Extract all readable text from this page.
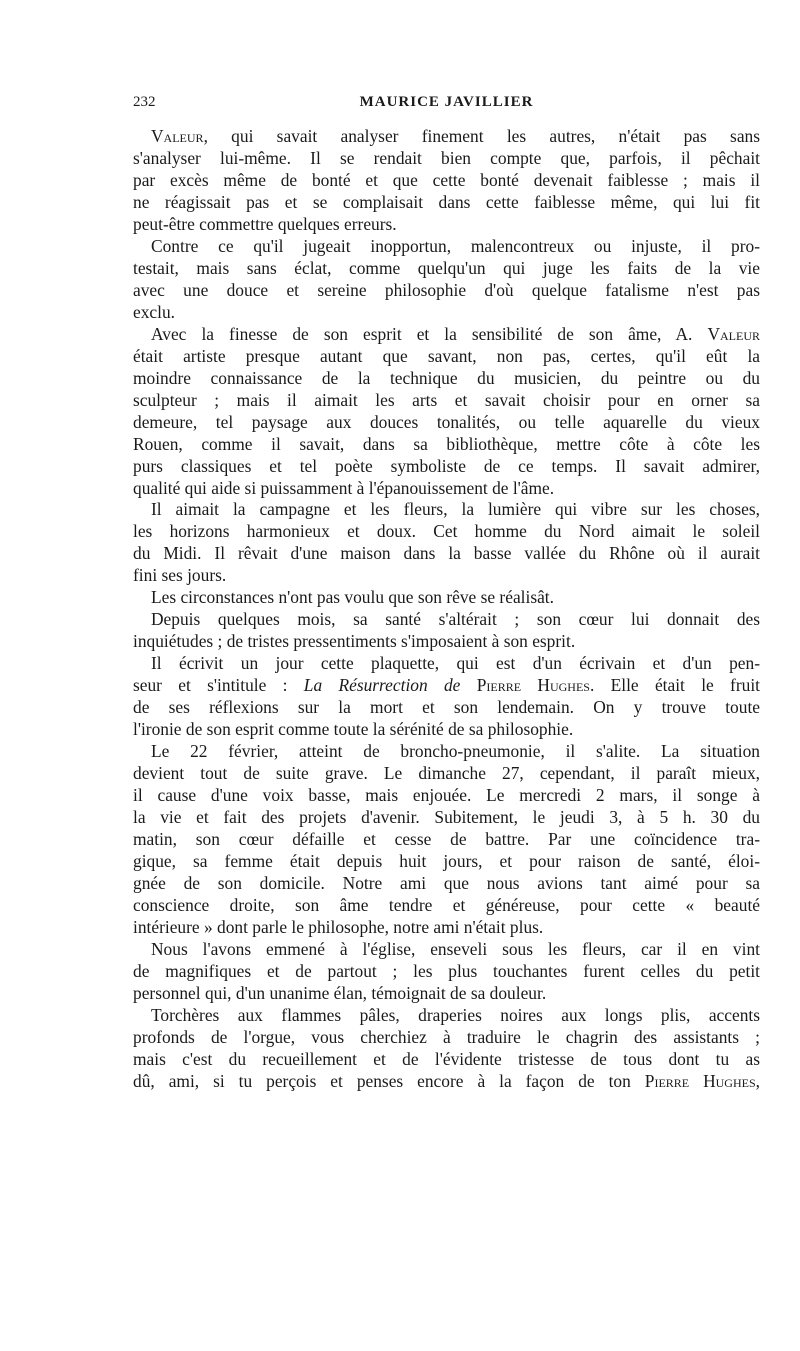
232	MAURICE JAVILLIER
Valeur, qui savait analyser finement les autres, n'était pas sans
s'analyser lui-même. Il se rendait bien compte que, parfois, il pêchait
par excès même de bonté et que cette bonté devenait faiblesse ; mais il
ne réagissait pas et se complaisait dans cette faiblesse même, qui lui fit
peut-être commettre quelques erreurs.
Contre ce qu'il jugeait inopportun, malencontreux ou injuste, il pro-
testait, mais sans éclat, comme quelqu'un qui juge les faits de la vie
avec une douce et sereine philosophie d'où quelque fatalisme n'est pas
exclu.
Avec la finesse de son esprit et la sensibilité de son âme, A. Valeur
était artiste presque autant que savant, non pas, certes, qu'il eût la
moindre connaissance de la technique du musicien, du peintre ou du
sculpteur ; mais il aimait les arts et savait choisir pour en orner sa
demeure, tel paysage aux douces tonalités, ou telle aquarelle du vieux
Rouen, comme il savait, dans sa bibliothèque, mettre côte à côte les
purs classiques et tel poète symboliste de ce temps. Il savait admirer,
qualité qui aide si puissamment à l'épanouissement de l'âme.
Il aimait la campagne et les fleurs, la lumière qui vibre sur les choses,
les horizons harmonieux et doux. Cet homme du Nord aimait le soleil
du Midi. Il rêvait d'une maison dans la basse vallée du Rhône où il aurait
fini ses jours.
Les circonstances n'ont pas voulu que son rêve se réalisât.
Depuis quelques mois, sa santé s'altérait ; son cœur lui donnait des
inquiétudes ; de tristes pressentiments s'imposaient à son esprit.
Il écrivit un jour cette plaquette, qui est d'un écrivain et d'un pen-
seur et s'intitule : La Résurrection de Pierre Hughes. Elle était le fruit
de ses réflexions sur la mort et son lendemain. On y trouve toute
l'ironie de son esprit comme toute la sérénité de sa philosophie.
Le 22 février, atteint de broncho-pneumonie, il s'alite. La situation
devient tout de suite grave. Le dimanche 27, cependant, il paraît mieux,
il cause d'une voix basse, mais enjouée. Le mercredi 2 mars, il songe à
la vie et fait des projets d'avenir. Subitement, le jeudi 3, à 5 h. 30 du
matin, son cœur défaille et cesse de battre. Par une coïncidence tra-
gique, sa femme était depuis huit jours, et pour raison de santé, éloi-
gnée de son domicile. Notre ami que nous avions tant aimé pour sa
conscience droite, son âme tendre et généreuse, pour cette « beauté
intérieure » dont parle le philosophe, notre ami n'était plus.
Nous l'avons emmené à l'église, enseveli sous les fleurs, car il en vint
de magnifiques et de partout ; les plus touchantes furent celles du petit
personnel qui, d'un unanime élan, témoignait de sa douleur.
Torchères aux flammes pâles, draperies noires aux longs plis, accents
profonds de l'orgue, vous cherchiez à traduire le chagrin des assistants ;
mais c'est du recueillement et de l'évidente tristesse de tous dont tu as
dû, ami, si tu perçois et penses encore à la façon de ton Pierre Hughes,
